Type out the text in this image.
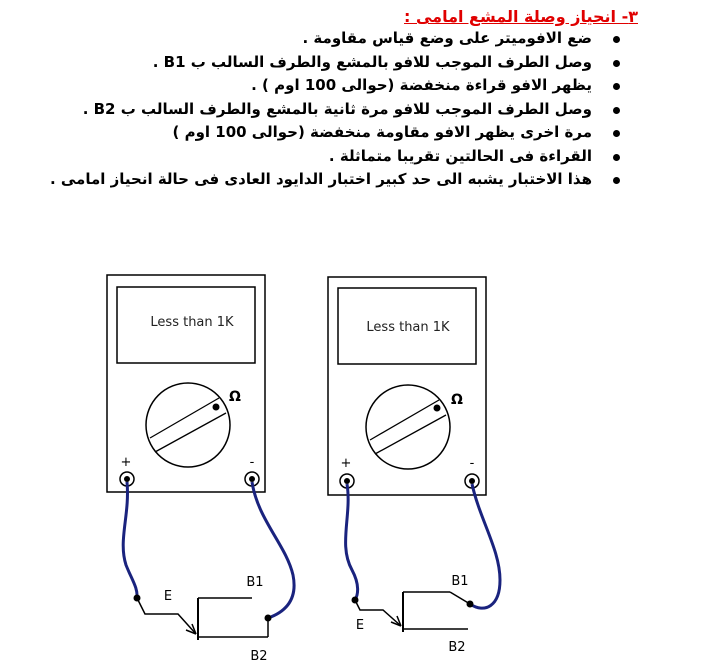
٣- انحياز وصلة المشع امامى :
ضع الافوميتر على وضع قياس مقاومة .
وصل الطرف الموجب للافو بالمشع والطرف السالب ب B1 .
يظهر الافو قراءة منخفضة (حوالى 100 اوم ) .
وصل الطرف الموجب للافو مرة ثانية بالمشع والطرف السالب ب B2 .
مرة اخرى يظهر الافو مقاومة منخفضة (حوالى 100 اوم )
القراءة فى الحالتين تقريبا متماثلة .
هذا الاختبار يشبه الى حد كبير اختبار الدايود العادى فى حالة انحياز امامى .
Less than 1K
Ω
+	-
E
B1
B2
Less than 1K
Ω
+	-
E
B1
B2
